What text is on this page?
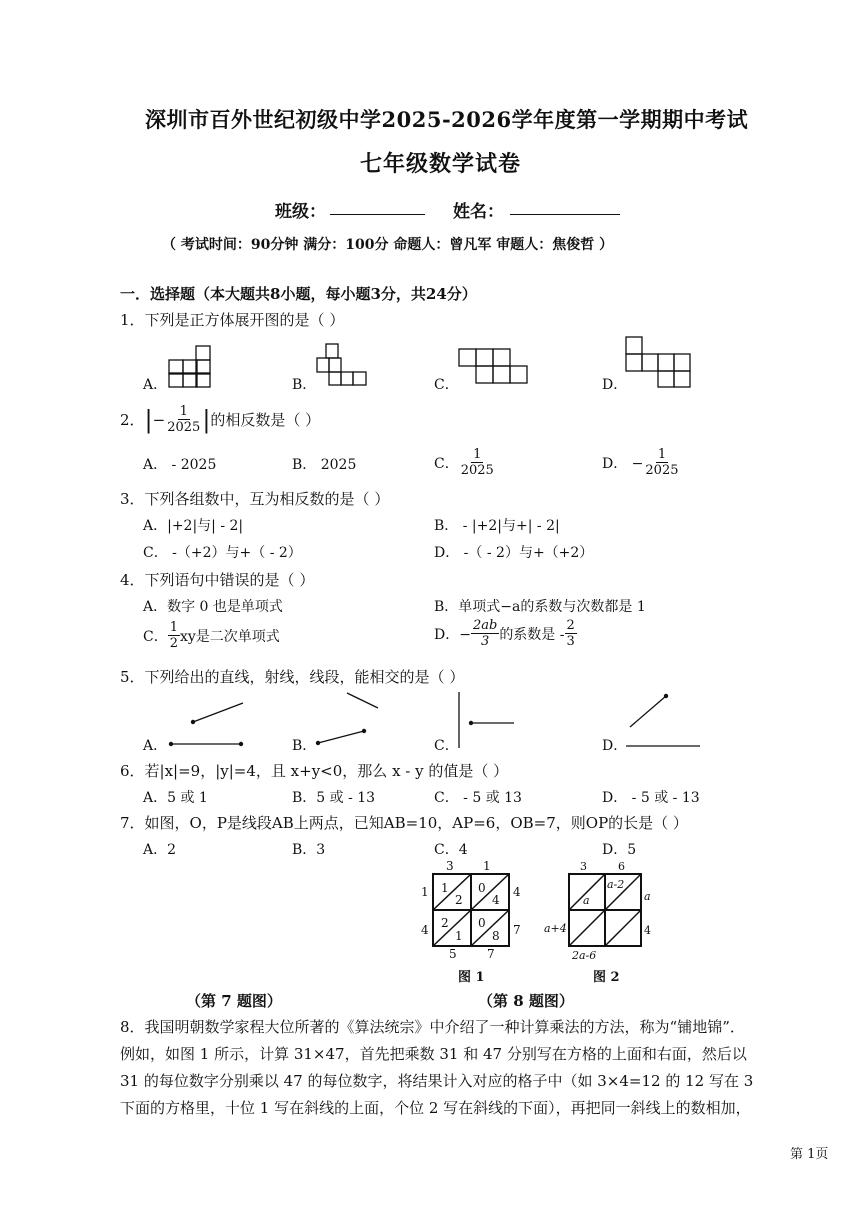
深圳市百外世纪初级中学2025-2026学年度第一学期期中考试
七年级数学试卷
班级：	姓名：
（ 考试时间：90分钟 满分：100分 命题人：曾凡军 审题人：焦俊哲 ）
一．选择题（本大题共8小题，每小题3分，共24分）
1．下列是正方体展开图的是（ ）
A．	B．	C．	D．
2． | − $\frac{1}{2025}$ | 的相反数是（ ）
A． - 2025	B． 2025	C． $\frac{1}{2025}$	D． − $\frac{1}{2025}$
3．下列各组数中，互为相反数的是（ ）
A．|+2|与| - 2|	B． - |+2|与+| - 2|
C． -（+2）与+（ - 2）	D． -（ - 2）与+（+2）
4．下列语句中错误的是（ ）
A．数字 0 也是单项式	B．单项式−a的系数与次数都是 1
C． $\frac{1}{2}$ xy是二次单项式	D．− $\frac{2ab}{3}$ 的系数是 - $\frac{2}{3}$
5．下列给出的直线，射线，线段，能相交的是（ ）
A．	B．	C．	D．
6．若|x|=9，|y|=4，且 x+y<0，那么 x - y 的值是（ ）
A．5 或 1	B．5 或 - 13	C． - 5 或 13	D． - 5 或 - 13
7．如图，O，P是线段AB上两点，已知AB=10，AP=6，OB=7，则OP的长是（ ）
A．2	B．3	C．4	D．5
3 1
1
4
4
7
5	7
1
2
0
4
2
1
0
8
图 1
3	6
a-2
a	a
4
a+4
2a-6
图 2
（第 7 题图）	（第 8 题图）
8．我国明朝数学家程大位所著的《算法统宗》中介绍了一种计算乘法的方法，称为“铺地锦”．
例如，如图 1 所示，计算 31×47，首先把乘数 31 和 47 分别写在方格的上面和右面，然后以
31 的每位数字分别乘以 47 的每位数字，将结果计入对应的格子中（如 3×4=12 的 12 写在 3
下面的方格里，十位 1 写在斜线的上面，个位 2 写在斜线的下面），再把同一斜线上的数相加，
第 1页
